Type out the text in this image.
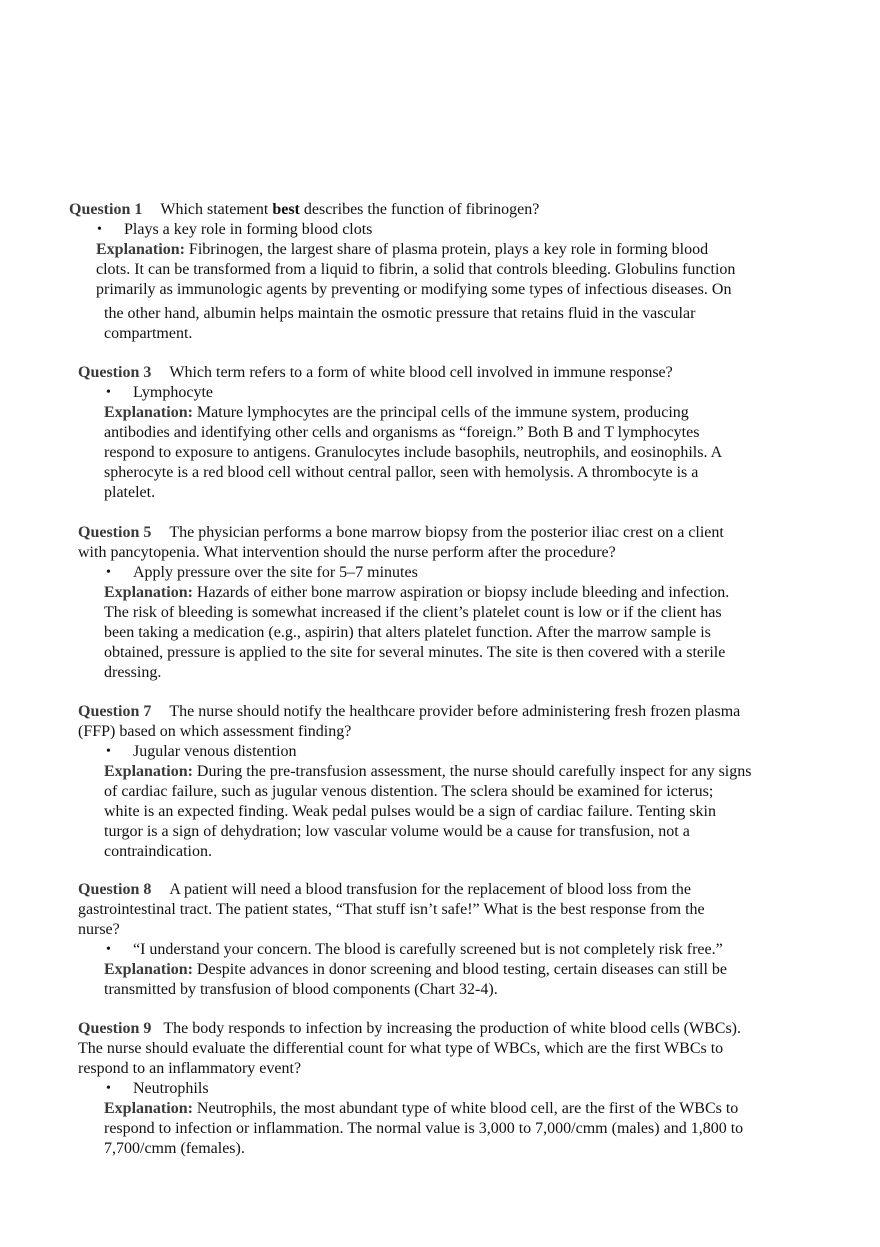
Question 1 Which statement best describes the function of fibrinogen?
• Plays a key role in forming blood clots
Explanation: Fibrinogen, the largest share of plasma protein, plays a key role in forming blood
clots. It can be transformed from a liquid to fibrin, a solid that controls bleeding. Globulins function
primarily as immunologic agents by preventing or modifying some types of infectious diseases. On
the other hand, albumin helps maintain the osmotic pressure that retains fluid in the vascular
compartment.
Question 3 Which term refers to a form of white blood cell involved in immune response?
• Lymphocyte
Explanation: Mature lymphocytes are the principal cells of the immune system, producing
antibodies and identifying other cells and organisms as “foreign.” Both B and T lymphocytes
respond to exposure to antigens. Granulocytes include basophils, neutrophils, and eosinophils. A
spherocyte is a red blood cell without central pallor, seen with hemolysis. A thrombocyte is a
platelet.
Question 5 The physician performs a bone marrow biopsy from the posterior iliac crest on a client
with pancytopenia. What intervention should the nurse perform after the procedure?
• Apply pressure over the site for 5–7 minutes
Explanation: Hazards of either bone marrow aspiration or biopsy include bleeding and infection.
The risk of bleeding is somewhat increased if the client’s platelet count is low or if the client has
been taking a medication (e.g., aspirin) that alters platelet function. After the marrow sample is
obtained, pressure is applied to the site for several minutes. The site is then covered with a sterile
dressing.
Question 7 The nurse should notify the healthcare provider before administering fresh frozen plasma
(FFP) based on which assessment finding?
• Jugular venous distention
Explanation: During the pre-transfusion assessment, the nurse should carefully inspect for any signs
of cardiac failure, such as jugular venous distention. The sclera should be examined for icterus;
white is an expected finding. Weak pedal pulses would be a sign of cardiac failure. Tenting skin
turgor is a sign of dehydration; low vascular volume would be a cause for transfusion, not a
contraindication.
Question 8 A patient will need a blood transfusion for the replacement of blood loss from the
gastrointestinal tract. The patient states, “That stuff isn’t safe!” What is the best response from the
nurse?
• “I understand your concern. The blood is carefully screened but is not completely risk free.”
Explanation: Despite advances in donor screening and blood testing, certain diseases can still be
transmitted by transfusion of blood components (Chart 32-4).
Question 9 The body responds to infection by increasing the production of white blood cells (WBCs).
The nurse should evaluate the differential count for what type of WBCs, which are the first WBCs to
respond to an inflammatory event?
• Neutrophils
Explanation: Neutrophils, the most abundant type of white blood cell, are the first of the WBCs to
respond to infection or inflammation. The normal value is 3,000 to 7,000/cmm (males) and 1,800 to
7,700/cmm (females).
